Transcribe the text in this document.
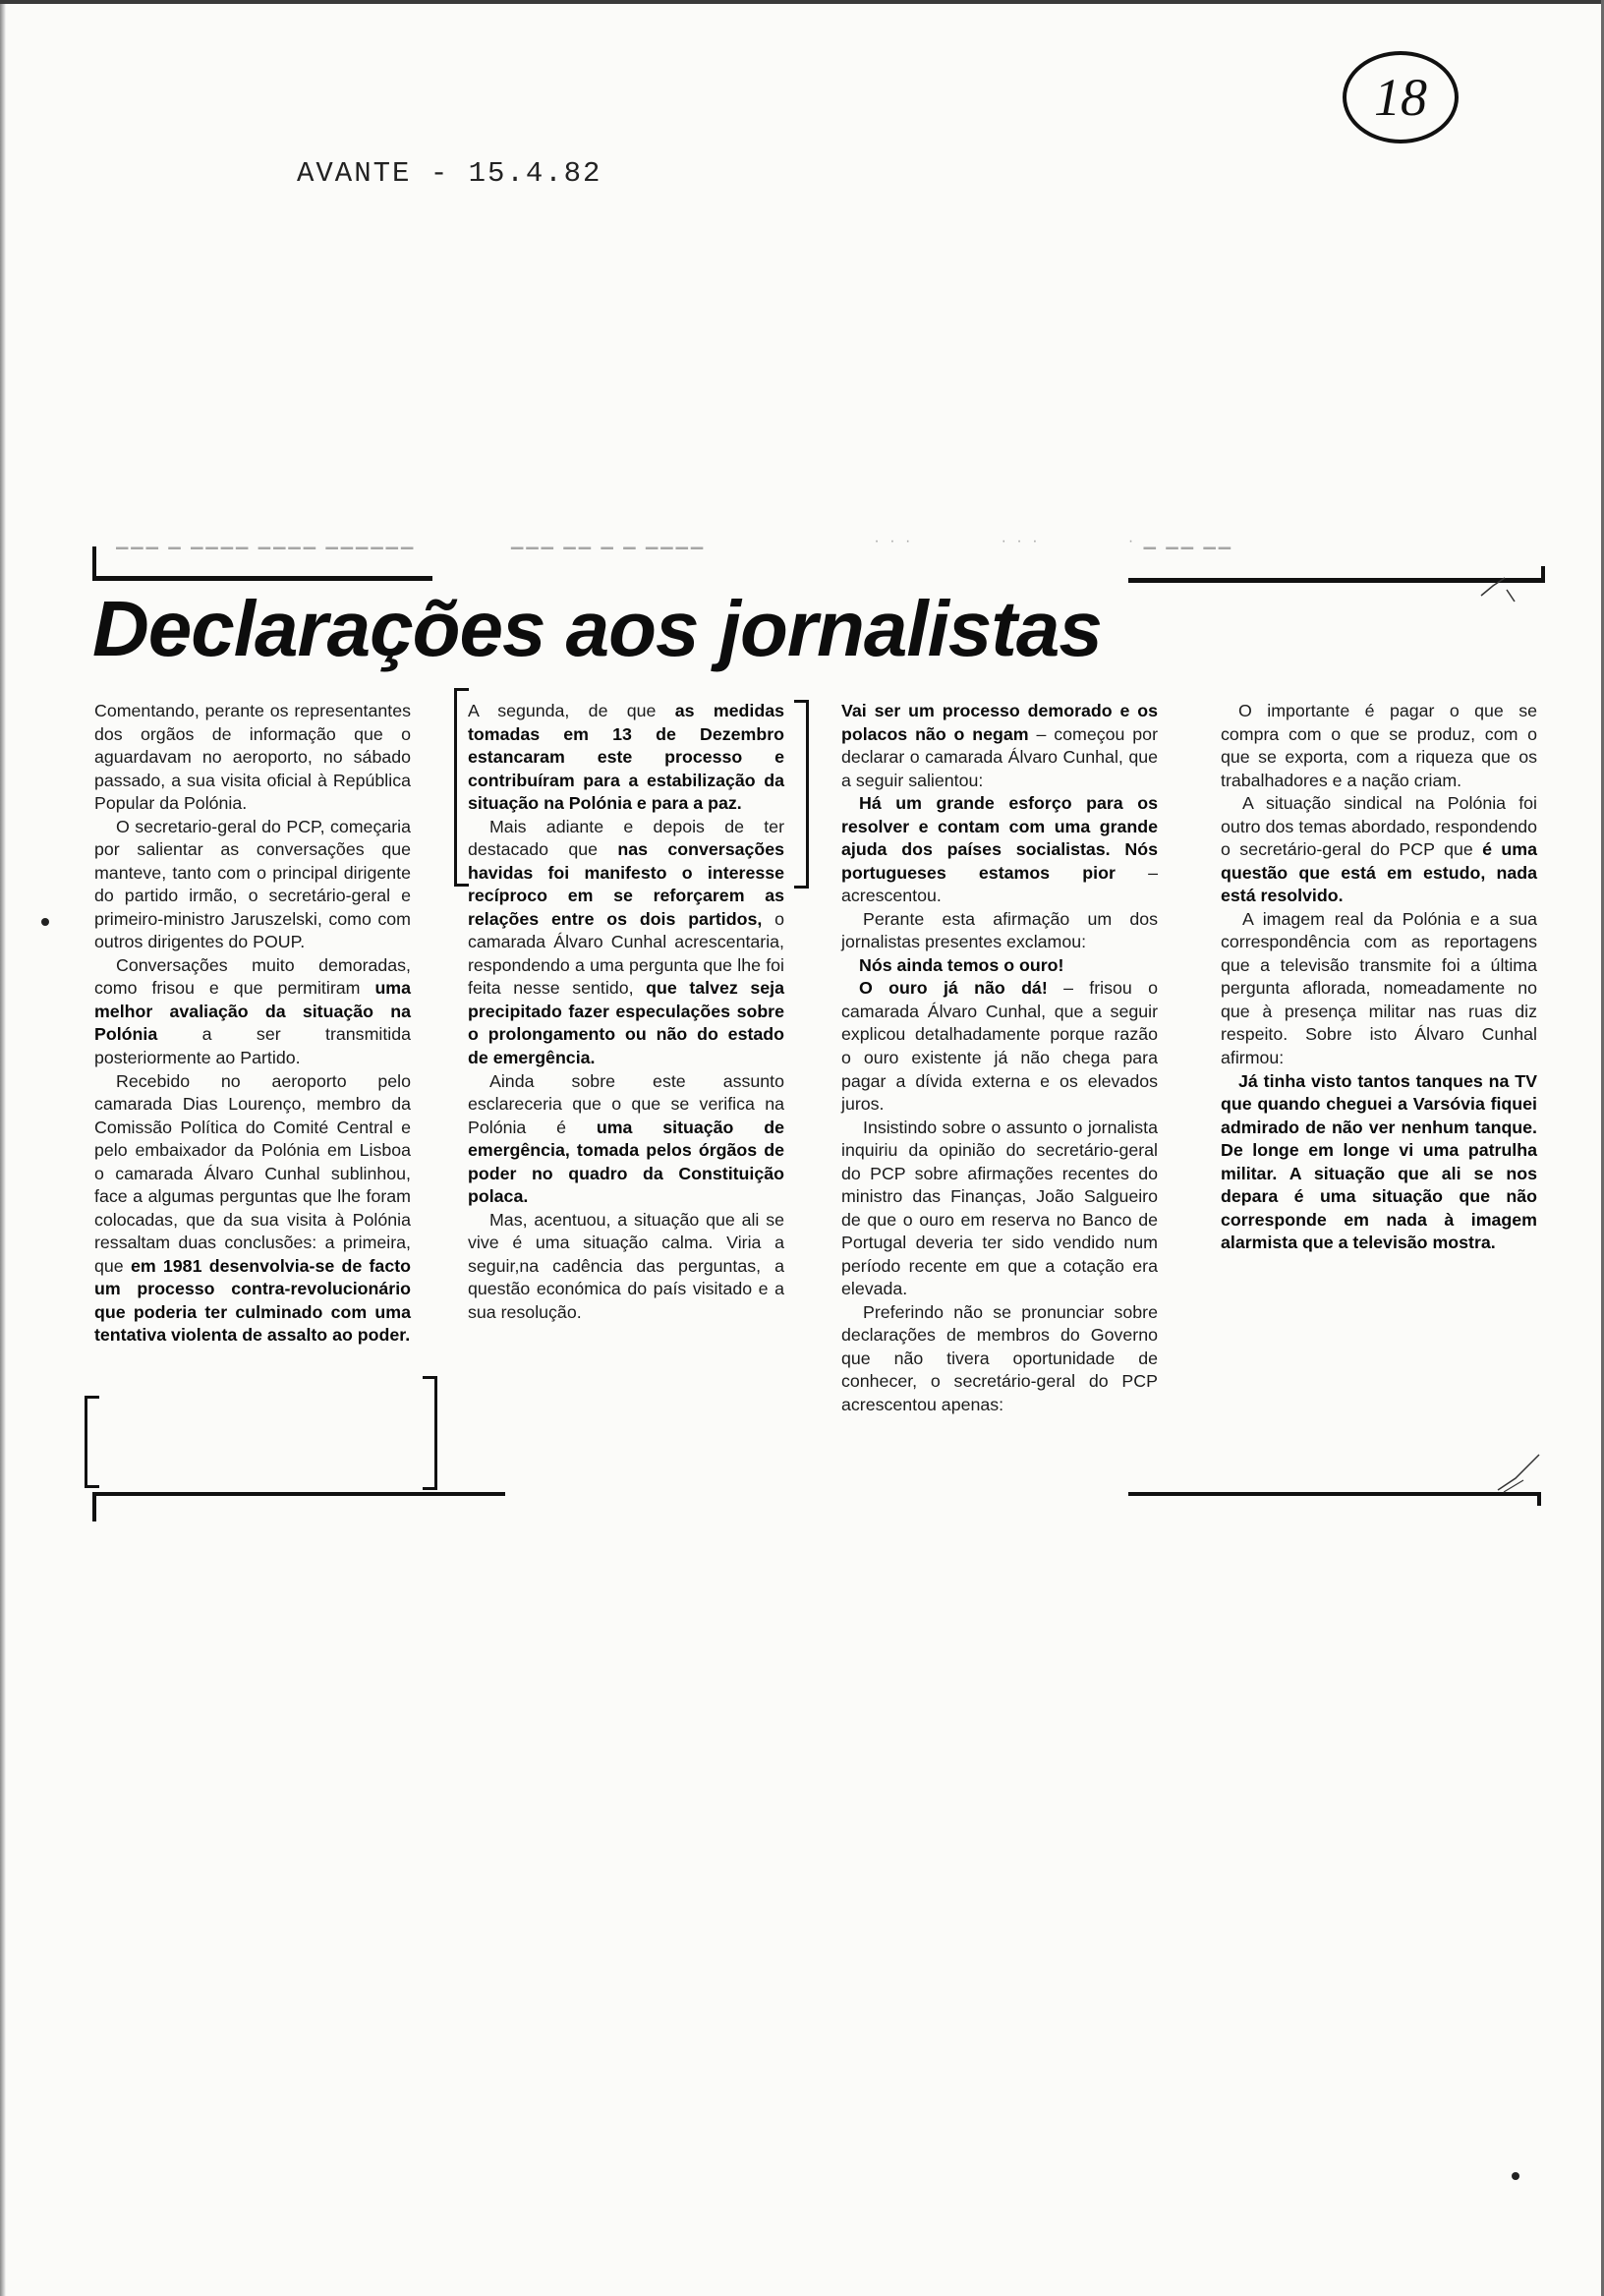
AVANTE - 15.4.82
18
▁▁▁ ▁ ▁▁▁▁ ▁▁▁▁ ▁▁▁▁▁▁             ▁▁▁ ▁▁ ▁ ▁ ▁▁▁▁                       · · ·            · · ·            · ▁ ▁▁ ▁▁
Declarações aos jornalistas

Comentando, perante os representantes dos orgãos de informação que o aguardavam no aeroporto, no sábado passado, a sua visita oficial à República Popular da Polónia.

O secretario-geral do PCP, começaria por salientar as conversações que manteve, tanto com o principal dirigente do partido irmão, o secretário-geral e primeiro-ministro Jaruszelski, como com outros dirigentes do POUP.

Conversações muito demoradas, como frisou e que permitiram uma melhor avaliação da situação na Polónia a ser transmitida posteriormente ao Partido.

Recebido no aeroporto pelo camarada Dias Lourenço, membro da Comissão Política do Comité Central e pelo embaixador da Polónia em Lisboa o camarada Álvaro Cunhal sublinhou, face a algumas perguntas que lhe foram colocadas, que da sua visita à Polónia ressaltam duas conclusões: a primeira, que em 1981 desenvolvia-se de facto um processo contra-revolucionário que poderia ter culminado com uma tentativa violenta de assalto ao poder.

A segunda, de que as medidas tomadas em 13 de Dezembro estancaram este processo e contribuíram para a estabilização da situação na Polónia e para a paz.

Mais adiante e depois de ter destacado que nas conversações havidas foi manifesto o interesse recíproco em se reforçarem as relações entre os dois partidos, o camarada Álvaro Cunhal acrescentaria, respondendo a uma pergunta que lhe foi feita nesse sentido, que talvez seja precipitado fazer especulações sobre o prolongamento ou não do estado de emergência.

Ainda sobre este assunto esclareceria que o que se verifica na Polónia é uma situação de emergência, tomada pelos órgãos de poder no quadro da Constituição polaca.

Mas, acentuou, a situação que ali se vive é uma situação calma. Viria a seguir,na cadência das perguntas, a questão económica do país visitado e a sua resolução.

Vai ser um processo demorado e os polacos não o negam – começou por declarar o camarada Álvaro Cunhal, que a seguir salientou:

Há um grande esforço para os resolver e contam com uma grande ajuda dos países socialistas. Nós portugueses estamos pior – acrescentou.

Perante esta afirmação um dos jornalistas presentes exclamou:

Nós ainda temos o ouro!

O ouro já não dá! – frisou o camarada Álvaro Cunhal, que a seguir explicou detalhadamente porque razão o ouro existente já não chega para pagar a dívida externa e os elevados juros.

Insistindo sobre o assunto o jornalista inquiriu da opinião do secretário-geral do PCP sobre afirmações recentes do ministro das Finanças, João Salgueiro de que o ouro em reserva no Banco de Portugal deveria ter sido vendido num período recente em que a cotação era elevada.

Preferindo não se pronunciar sobre declarações de membros do Governo que não tivera oportunidade de conhecer, o secretário-geral do PCP acrescentou apenas:

O importante é pagar o que se compra com o que se produz, com o que se exporta, com a riqueza que os trabalhadores e a nação criam.

A situação sindical na Polónia foi outro dos temas abordado, respondendo o secretário-geral do PCP que é uma questão que está em estudo, nada está resolvido.

A imagem real da Polónia e a sua correspondência com as reportagens que a televisão transmite foi a última pergunta aflorada, nomeadamente no que à presença militar nas ruas diz respeito. Sobre isto Álvaro Cunhal afirmou:

Já tinha visto tantos tanques na TV que quando cheguei a Varsóvia fiquei admirado de não ver nenhum tanque. De longe em longe vi uma patrulha militar. A situação que ali se nos depara é uma situação que não corresponde em nada à imagem alarmista que a televisão mostra.
